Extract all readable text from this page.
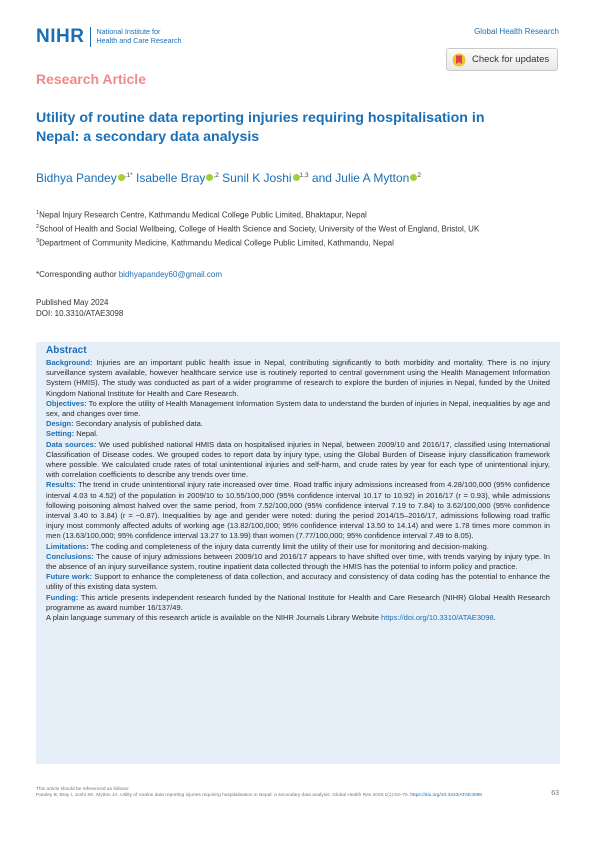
NIHR National Institute for
Health and Care Research
Global Health Research
Check for updates
Research Article
Utility of routine data reporting injuries requiring hospitalisation in Nepal: a secondary data analysis
Bidhya Pandey $^{,1*}$ Isabelle Bray $^{,2}$ Sunil K Joshi $^{1,3}$ and Julie A Mytton $^2$
$^1$Nepal Injury Research Centre, Kathmandu Medical College Public Limited, Bhaktapur, Nepal
$^2$School of Health and Social Wellbeing, College of Health Science and Society, University of the West of England, Bristol, UK
$^3$Department of Community Medicine, Kathmandu Medical College Public Limited, Kathmandu, Nepal
*Corresponding author bidhyapandey60@gmail.com
Published May 2024
DOI: 10.3310/ATAE3098
Abstract
Background: Injuries are an important public health issue in Nepal, contributing significantly to both morbidity and mortality. There is no injury surveillance system available, however healthcare service use is routinely reported to central government using the Health Management Information System (HMIS). The study was conducted as part of a wider programme of research to explore the burden of injuries in Nepal, funded by the United Kingdom National Institute for Health and Care Research.
Objectives: To explore the utility of Health Management Information System data to understand the burden of injuries in Nepal, inequalities by age and sex, and changes over time.
Design: Secondary analysis of published data.
Setting: Nepal.
Data sources: We used published national HMIS data on hospitalised injuries in Nepal, between 2009/10 and 2016/17, classified using International Classification of Disease codes. We grouped codes to report data by injury type, using the Global Burden of Disease injury classification framework where possible. We calculated crude rates of total unintentional injuries and self-harm, and crude rates by year for each type of unintentional injury, with correlation coefficients to describe any trends over time.
Results: The trend in crude unintentional injury rate increased over time. Road traffic injury admissions increased from 4.28/100,000 (95% confidence interval 4.03 to 4.52) of the population in 2009/10 to 10.55/100,000 (95% confidence interval 10.17 to 10.92) in 2016/17 (r = 0.93), while admissions following poisoning almost halved over the same period, from 7.52/100,000 (95% confidence interval 7.19 to 7.84) to 3.62/100,000 (95% confidence interval 3.40 to 3.84) (r = −0.87). Inequalities by age and gender were noted: during the period 2014/15–2016/17, admissions following road traffic injury most commonly affected adults of working age (13.82/100,000; 95% confidence interval 13.50 to 14.14) and were 1.78 times more common in men (13.63/100,000; 95% confidence interval 13.27 to 13.99) than women (7.77/100,000; 95% confidence interval 7.49 to 8.05).
Limitations: The coding and completeness of the injury data currently limit the utility of their use for monitoring and decision-making.
Conclusions: The cause of injury admissions between 2009/10 and 2016/17 appears to have shifted over time, with trends varying by injury type. In the absence of an injury surveillance system, routine inpatient data collected through the HMIS has the potential to inform policy and practice.
Future work: Support to enhance the completeness of data collection, and accuracy and consistency of data coding has the potential to enhance the utility of this existing data system.
Funding: This article presents independent research funded by the National Institute for Health and Care Research (NIHR) Global Health Research programme as award number 16/137/49.
A plain language summary of this research article is available on the NIHR Journals Library Website https://doi.org/10.3310/ATAE3098.
This article should be referenced as follows:
Pandey B, Bray I, Joshi SK, Mytton JA. Utility of routine data reporting injuries requiring hospitalisation in Nepal: a secondary data analysis. Global Health Res 2025;1(1):63–75. https://doi.org/10.3310/ATAE3098	63
